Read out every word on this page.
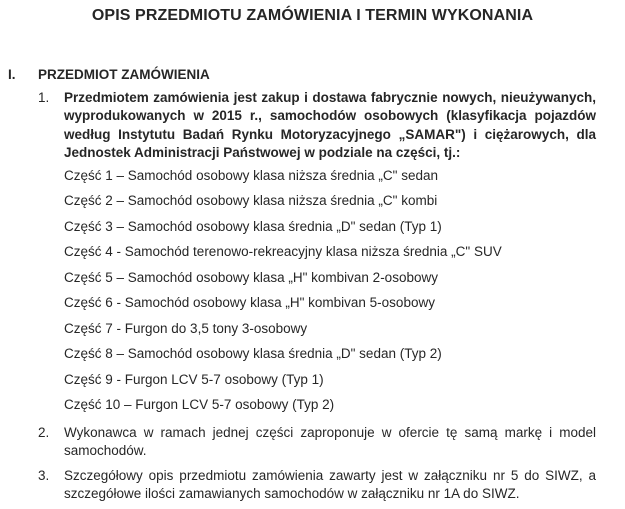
OPIS PRZEDMIOTU ZAMÓWIENIA I TERMIN WYKONANIA
I. PRZEDMIOT ZAMÓWIENIA
1.	Przedmiotem zamówienia jest zakup i dostawa fabrycznie nowych, nieużywanych, wyprodukowanych w 2015 r., samochodów osobowych (klasyfikacja pojazdów według Instytutu Badań Rynku Motoryzacyjnego „SAMAR") i ciężarowych, dla Jednostek Administracji Państwowej w podziale na części, tj.:
Część 1 – Samochód osobowy klasa niższa średnia „C" sedan
Część 2 – Samochód osobowy klasa niższa średnia „C" kombi
Część 3 – Samochód osobowy klasa średnia „D" sedan (Typ 1)
Część 4 - Samochód terenowo-rekreacyjny klasa niższa średnia „C" SUV
Część 5 – Samochód osobowy klasa „H" kombivan 2-osobowy
Część 6 - Samochód osobowy klasa „H" kombivan 5-osobowy
Część 7 - Furgon do 3,5 tony 3-osobowy
Część 8 – Samochód osobowy klasa średnia „D" sedan (Typ 2)
Część 9 - Furgon LCV 5-7 osobowy (Typ 1)
Część 10 – Furgon LCV 5-7 osobowy (Typ 2)
2.	Wykonawca w ramach jednej części zaproponuje w ofercie tę samą markę i model samochodów.
3.	Szczegółowy opis przedmiotu zamówienia zawarty jest w załączniku nr 5 do SIWZ, a szczegółowe ilości zamawianych samochodów w załączniku nr 1A do SIWZ.
